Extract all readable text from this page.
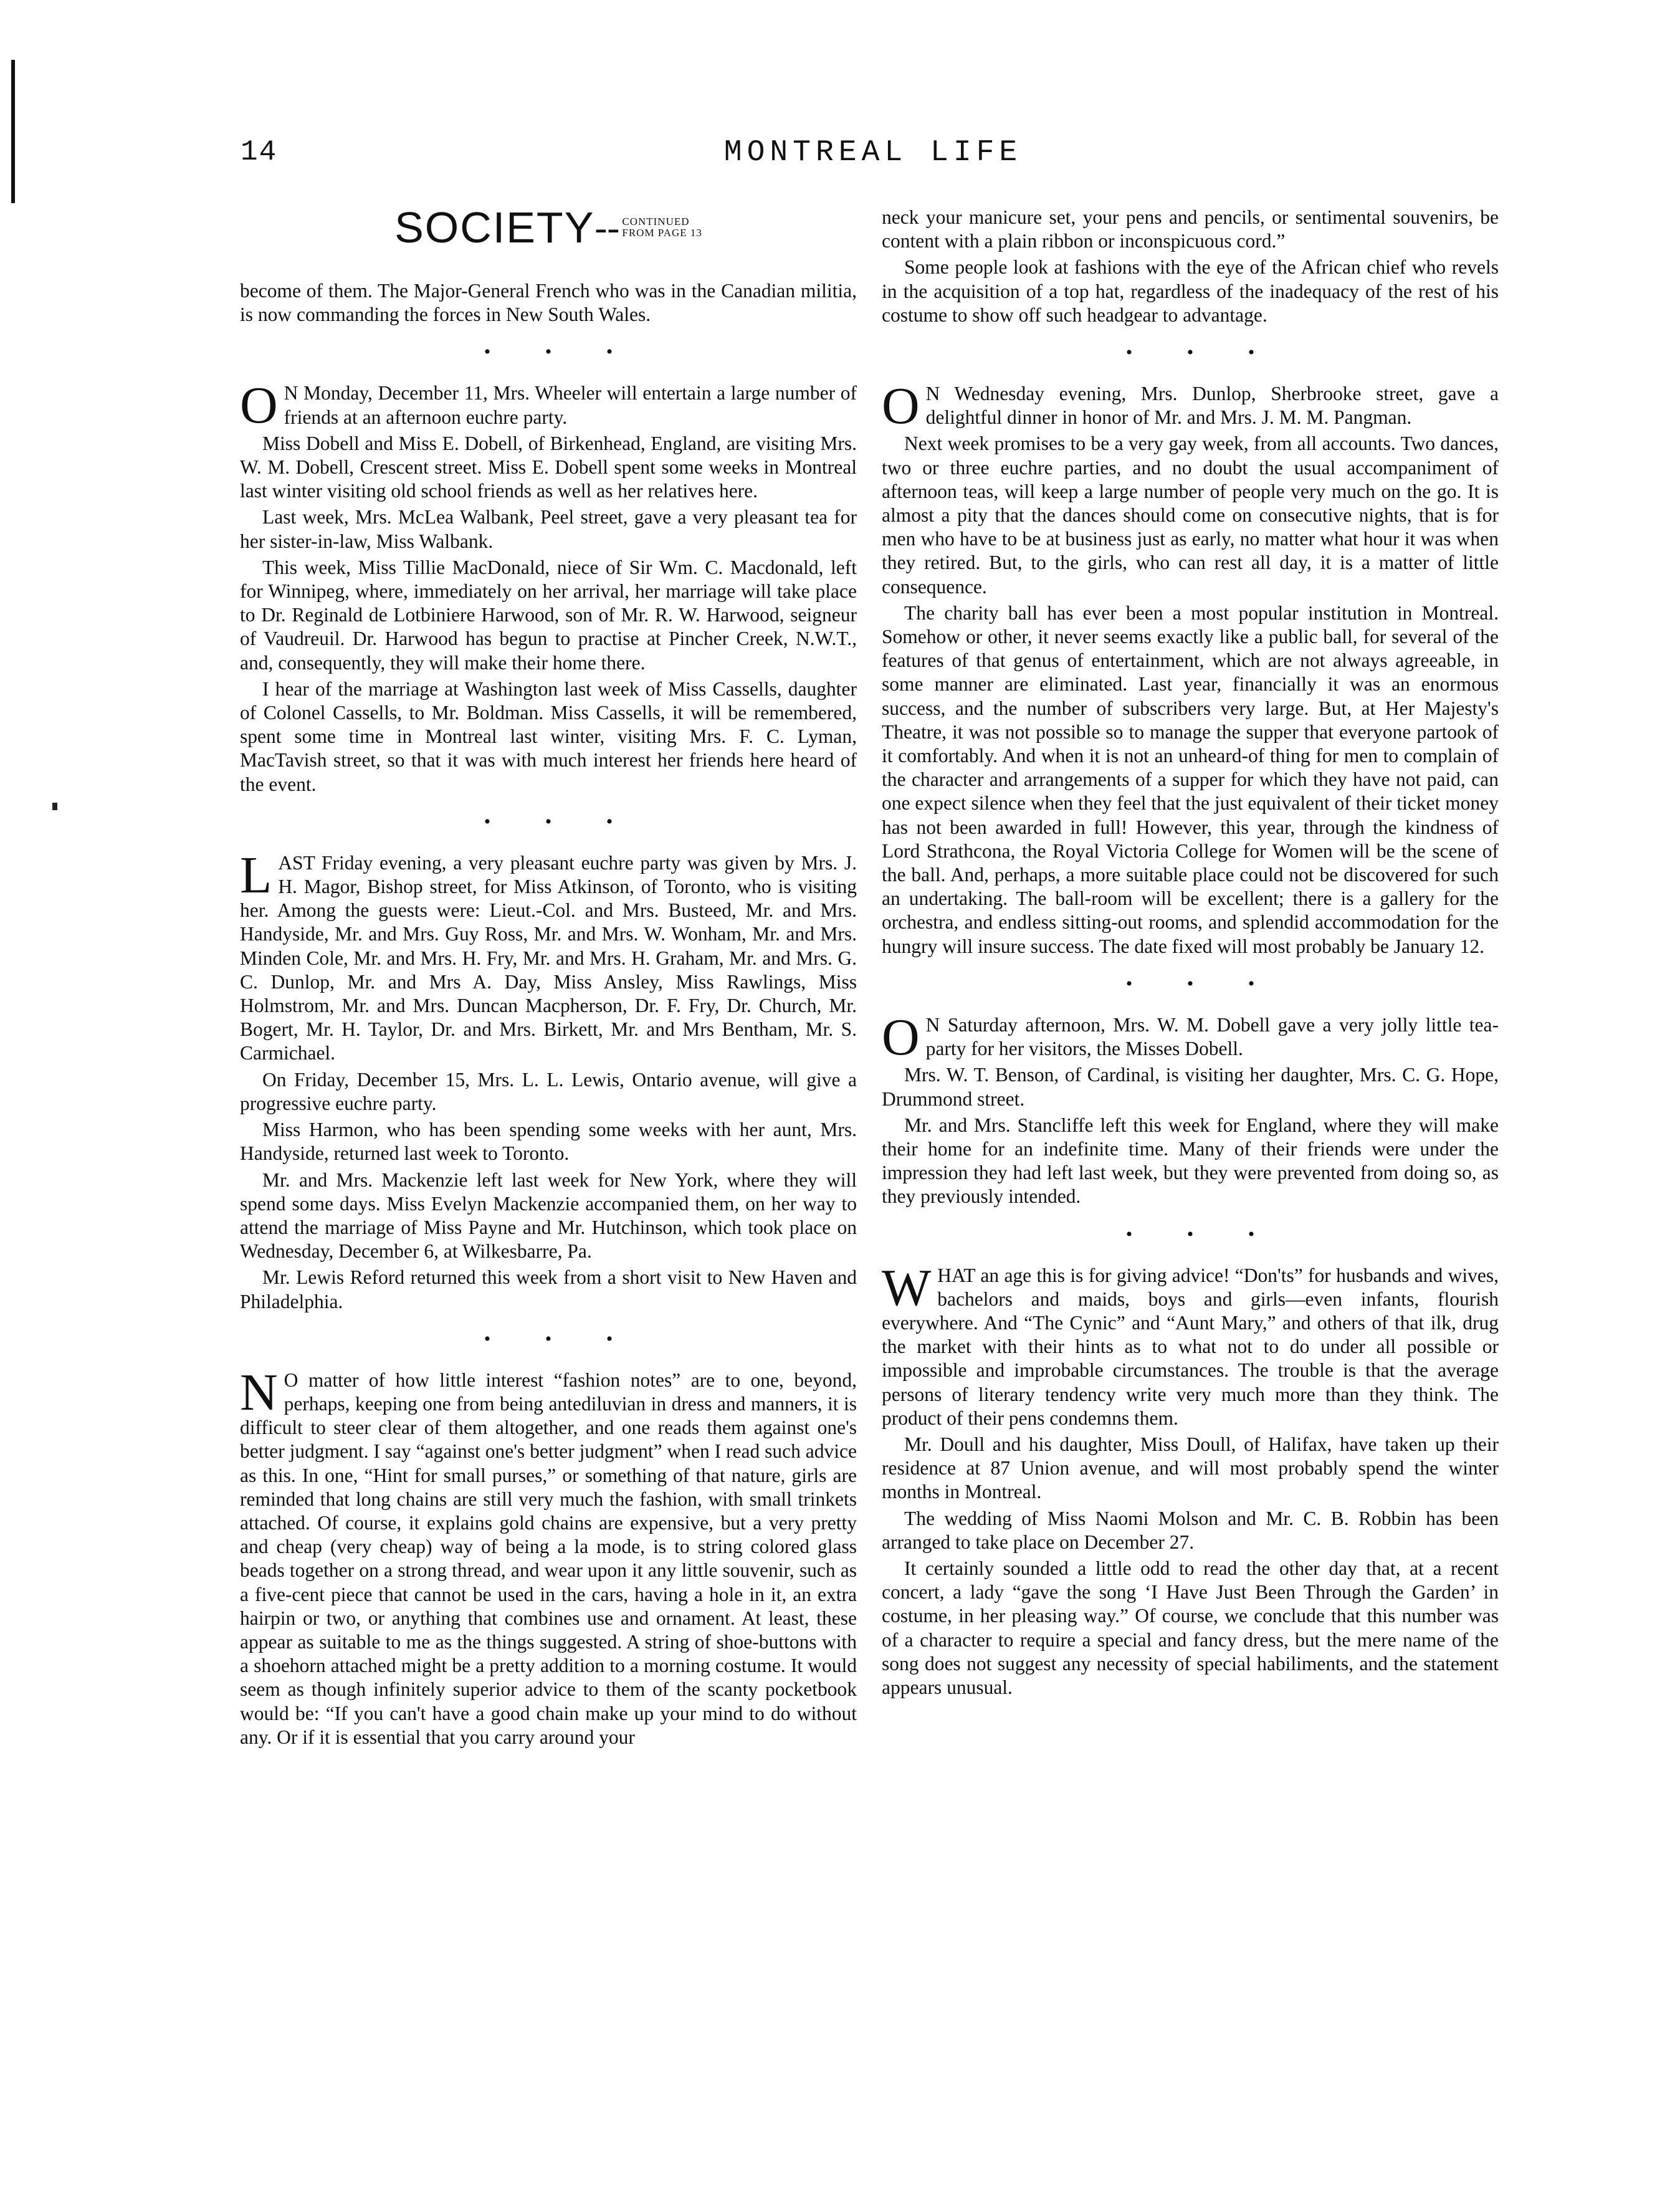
14	MONTREAL LIFE
SOCIETY-- CONTINUED
FROM PAGE 13

become of them. The Major-General French who was in the Canadian militia, is now commanding the forces in New South Wales.

• • •

O N Monday, December 11, Mrs. Wheeler will entertain a large number of friends at an afternoon euchre party.

Miss Dobell and Miss E. Dobell, of Birkenhead, England, are visiting Mrs. W. M. Dobell, Crescent street. Miss E. Dobell spent some weeks in Montreal last winter visiting old school friends as well as her relatives here.

Last week, Mrs. McLea Walbank, Peel street, gave a very pleasant tea for her sister-in-law, Miss Walbank.

This week, Miss Tillie MacDonald, niece of Sir Wm. C. Macdonald, left for Winnipeg, where, immediately on her arrival, her marriage will take place to Dr. Reginald de Lotbiniere Harwood, son of Mr. R. W. Harwood, seigneur of Vaudreuil. Dr. Harwood has begun to practise at Pincher Creek, N.W.T., and, consequently, they will make their home there.

I hear of the marriage at Washington last week of Miss Cassells, daughter of Colonel Cassells, to Mr. Boldman. Miss Cassells, it will be remembered, spent some time in Montreal last winter, visiting Mrs. F. C. Lyman, MacTavish street, so that it was with much interest her friends here heard of the event.

• • •

LAST Friday evening, a very pleasant euchre party was given by Mrs. J. H. Magor, Bishop street, for Miss Atkinson, of Toronto, who is visiting her. Among the guests were: Lieut.-Col. and Mrs. Busteed, Mr. and Mrs. Handyside, Mr. and Mrs. Guy Ross, Mr. and Mrs. W. Wonham, Mr. and Mrs. Minden Cole, Mr. and Mrs. H. Fry, Mr. and Mrs. H. Graham, Mr. and Mrs. G. C. Dunlop, Mr. and Mrs A. Day, Miss Ansley, Miss Rawlings, Miss Holmstrom, Mr. and Mrs. Duncan Macpherson, Dr. F. Fry, Dr. Church, Mr. Bogert, Mr. H. Taylor, Dr. and Mrs. Birkett, Mr. and Mrs Bentham, Mr. S. Carmichael.

On Friday, December 15, Mrs. L. L. Lewis, Ontario avenue, will give a progressive euchre party.

Miss Harmon, who has been spending some weeks with her aunt, Mrs. Handyside, returned last week to Toronto.

Mr. and Mrs. Mackenzie left last week for New York, where they will spend some days. Miss Evelyn Mackenzie accompanied them, on her way to attend the marriage of Miss Payne and Mr. Hutchinson, which took place on Wednesday, December 6, at Wilkesbarre, Pa.

Mr. Lewis Reford returned this week from a short visit to New Haven and Philadelphia.

• • •

N O matter of how little interest “fashion notes” are to one, beyond, perhaps, keeping one from being antediluvian in dress and manners, it is difficult to steer clear of them altogether, and one reads them against one's better judgment. I say “against one's better judgment” when I read such advice as this. In one, “Hint for small purses,” or something of that nature, girls are reminded that long chains are still very much the fashion, with small trinkets attached. Of course, it explains gold chains are expensive, but a very pretty and cheap (very cheap) way of being a la mode, is to string colored glass beads together on a strong thread, and wear upon it any little souvenir, such as a five-cent piece that cannot be used in the cars, having a hole in it, an extra hairpin or two, or anything that combines use and ornament. At least, these appear as suitable to me as the things suggested. A string of shoe-buttons with a shoehorn attached might be a pretty addition to a morning costume. It would seem as though infinitely superior advice to them of the scanty pocketbook would be: “If you can't have a good chain make up your mind to do without any. Or if it is essential that you carry around your

neck your manicure set, your pens and pencils, or sentimental souvenirs, be content with a plain ribbon or inconspicuous cord.”

Some people look at fashions with the eye of the African chief who revels in the acquisition of a top hat, regardless of the inadequacy of the rest of his costume to show off such headgear to advantage.

• • •

O N Wednesday evening, Mrs. Dunlop, Sherbrooke street, gave a delightful dinner in honor of Mr. and Mrs. J. M. M. Pangman.

Next week promises to be a very gay week, from all accounts. Two dances, two or three euchre parties, and no doubt the usual accompaniment of afternoon teas, will keep a large number of people very much on the go. It is almost a pity that the dances should come on consecutive nights, that is for men who have to be at business just as early, no matter what hour it was when they retired. But, to the girls, who can rest all day, it is a matter of little consequence.

The charity ball has ever been a most popular institution in Montreal. Somehow or other, it never seems exactly like a public ball, for several of the features of that genus of entertainment, which are not always agreeable, in some manner are eliminated. Last year, financially it was an enormous success, and the number of subscribers very large. But, at Her Majesty's Theatre, it was not possible so to manage the supper that everyone partook of it comfortably. And when it is not an unheard-of thing for men to complain of the character and arrangements of a supper for which they have not paid, can one expect silence when they feel that the just equivalent of their ticket money has not been awarded in full! However, this year, through the kindness of Lord Strathcona, the Royal Victoria College for Women will be the scene of the ball. And, perhaps, a more suitable place could not be discovered for such an undertaking. The ball-room will be excellent; there is a gallery for the orchestra, and endless sitting-out rooms, and splendid accommodation for the hungry will insure success. The date fixed will most probably be January 12.

• • •

O N Saturday afternoon, Mrs. W. M. Dobell gave a very jolly little tea-party for her visitors, the Misses Dobell.

Mrs. W. T. Benson, of Cardinal, is visiting her daughter, Mrs. C. G. Hope, Drummond street.

Mr. and Mrs. Stancliffe left this week for England, where they will make their home for an indefinite time. Many of their friends were under the impression they had left last week, but they were prevented from doing so, as they previously intended.

• • •

WHAT an age this is for giving advice! “Don'ts” for husbands and wives, bachelors and maids, boys and girls—even infants, flourish everywhere. And “The Cynic” and “Aunt Mary,” and others of that ilk, drug the market with their hints as to what not to do under all possible or impossible and improbable circumstances. The trouble is that the average persons of literary tendency write very much more than they think. The product of their pens condemns them.

Mr. Doull and his daughter, Miss Doull, of Halifax, have taken up their residence at 87 Union avenue, and will most probably spend the winter months in Montreal.

The wedding of Miss Naomi Molson and Mr. C. B. Robbin has been arranged to take place on December 27.

It certainly sounded a little odd to read the other day that, at a recent concert, a lady “gave the song ‘I Have Just Been Through the Garden’ in costume, in her pleasing way.” Of course, we conclude that this number was of a character to require a special and fancy dress, but the mere name of the song does not suggest any necessity of special habiliments, and the statement appears unusual.
